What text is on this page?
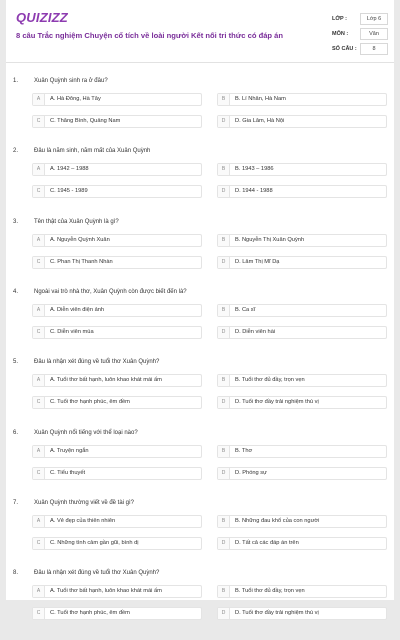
QUIZIZZ
8 câu Trắc nghiệm Chuyện cổ tích về loài người Kết nối tri thức có đáp án
LỚP :	Lớp 6
MÔN :	Văn
SỐ CÂU :	8
1.	Xuân Quỳnh sinh ra ở đâu?
A	A. Hà Đông, Hà Tây	B	B. Lí Nhân, Hà Nam
C	C. Thăng Bình, Quảng Nam	D	D. Gia Lâm, Hà Nội
2.	Đâu là năm sinh, năm mất của Xuân Quỳnh
A	A. 1942 – 1988	B	B. 1943 – 1986
C	C. 1945 - 1989	D	D. 1944 - 1988
3.	Tên thật của Xuân Quỳnh là gì?
A	A. Nguyễn Quỳnh Xuân	B	B. Nguyễn Thị Xuân Quỳnh
C	C. Phan Thị Thanh Nhàn	D	D. Lâm Thị Mĩ Dạ
4.	Ngoài vai trò nhà thơ, Xuân Quỳnh còn được biết đến là?
A	A. Diễn viên điện ảnh	B	B. Ca sĩ
C	C. Diễn viên múa	D	D. Diễn viên hài
5.	Đâu là nhận xét đúng về tuổi thơ Xuân Quỳnh?
A	A. Tuổi thơ bất hạnh, luôn khao khát mái ấm	B	B. Tuổi thơ đủ đầy, trọn vẹn
C	C. Tuổi thơ hạnh phúc, êm đềm	D	D. Tuổi thơ đầy trải nghiệm thú vị
6.	Xuân Quỳnh nổi tiếng với thể loại nào?
A	A. Truyện ngắn	B	B. Thơ
C	C. Tiểu thuyết	D	D. Phóng sự
7.	Xuân Quỳnh thường viết về đề tài gì?
A	A. Vẻ đẹp của thiên nhiên	B	B. Những đau khổ của con người
C	C. Những tình cảm gần gũi, bình dị	D	D. Tất cả các đáp án trên
8.	Đâu là nhận xét đúng về tuổi thơ Xuân Quỳnh?
A	A. Tuổi thơ bất hạnh, luôn khao khát mái ấm	B	B. Tuổi thơ đủ đầy, trọn vẹn
C	C. Tuổi thơ hạnh phúc, êm đềm	D	D. Tuổi thơ đầy trải nghiệm thú vị
